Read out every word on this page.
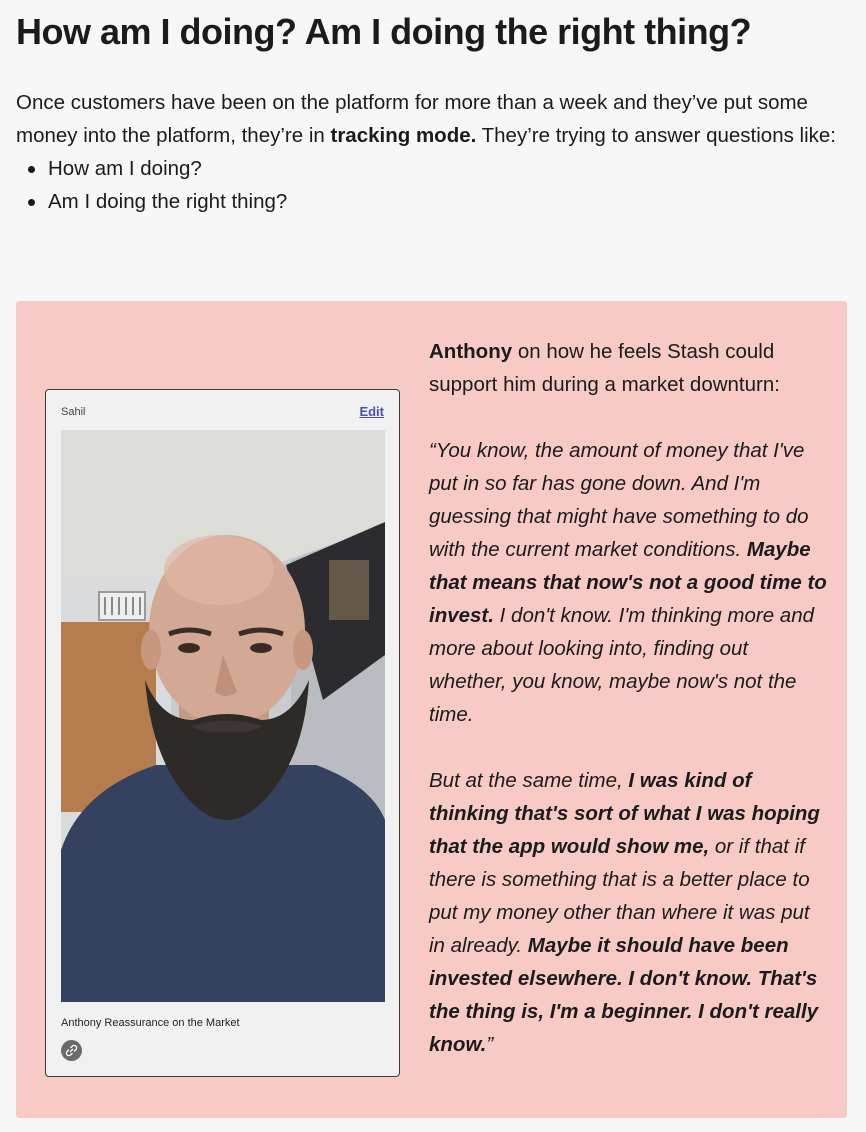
How am I doing? Am I doing the right thing?

Once customers have been on the platform for more than a week and they’ve put some money into the platform, they’re in tracking mode. They’re trying to answer questions like:

How am I doing?
Am I doing the right thing?
Sahil	Edit
Anthony Reassurance on the Market

Anthony on how he feels Stash could support him during a market downturn:

“You know, the amount of money that I've put in so far has gone down. And I'm guessing that might have something to do with the current market conditions. Maybe that means that now's not a good time to invest. I don't know. I'm thinking more and more about looking into, finding out whether, you know, maybe now's not the time.

But at the same time, I was kind of thinking that's sort of what I was hoping that the app would show me, or if that if there is something that is a better place to put my money other than where it was put in already. Maybe it should have been invested elsewhere. I don't know. That's the thing is, I'm a beginner. I don't really know.”
